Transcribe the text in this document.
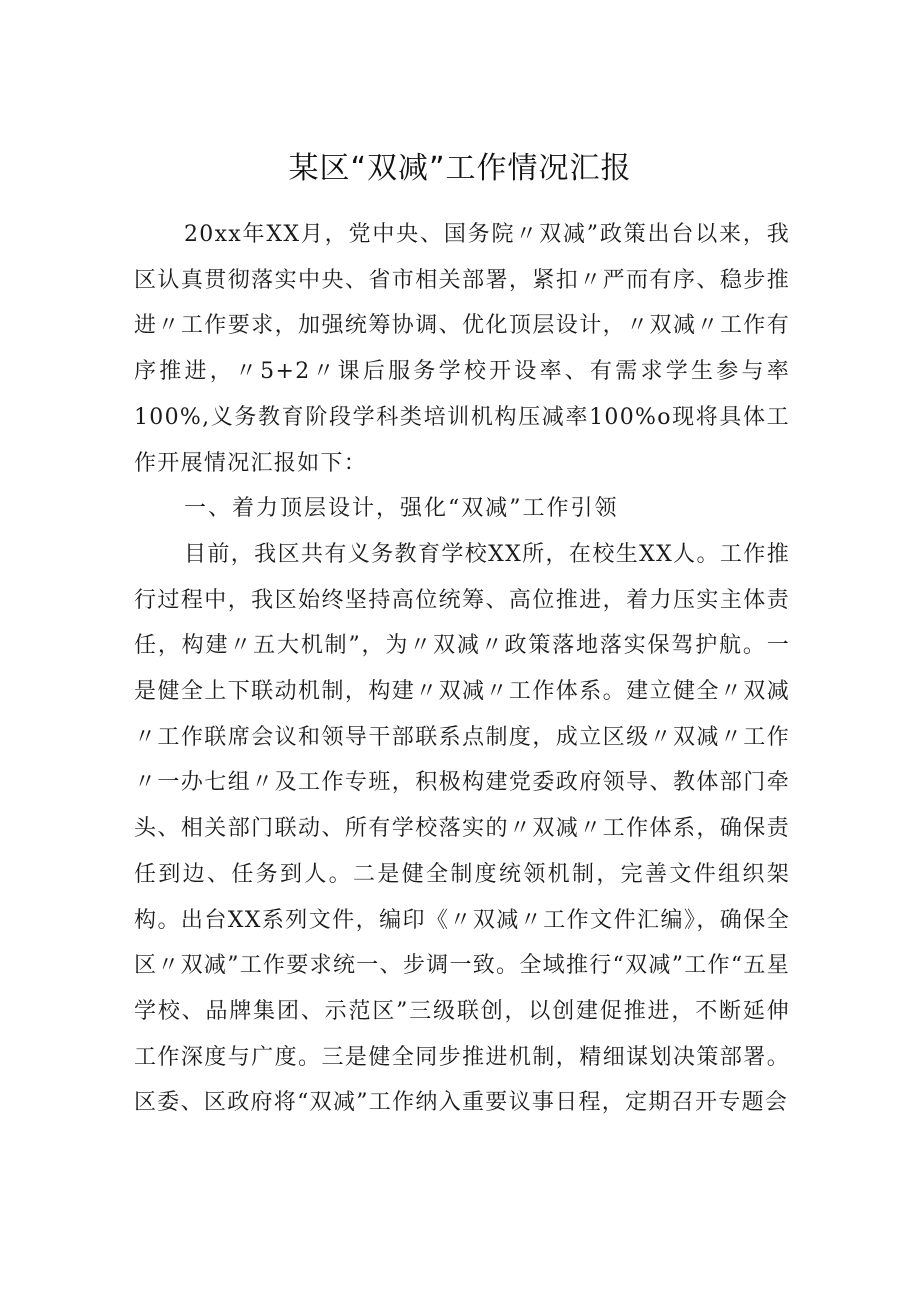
某区“双减”工作情况汇报

20xx年XX月，党中央、国务院〃双减”政策出台以来，我区认真贯彻落实中央、省市相关部署，紧扣〃严而有序、稳步推进〃工作要求，加强统筹协调、优化顶层设计，〃双减〃工作有序推进，〃5+2〃课后服务学校开设率、有需求学生参与率100%,义务教育阶段学科类培训机构压减率100%o现将具体工作开展情况汇报如下：

一、着力顶层设计，强化“双减”工作引领

目前，我区共有义务教育学校XX所，在校生XX人。工作推行过程中，我区始终坚持高位统筹、高位推进，着力压实主体责任，构建〃五大机制”，为〃双减〃政策落地落实保驾护航。一是健全上下联动机制，构建〃双减〃工作体系。建立健全〃双减〃工作联席会议和领导干部联系点制度，成立区级〃双减〃工作〃一办七组〃及工作专班，积极构建党委政府领导、教体部门牵头、相关部门联动、所有学校落实的〃双减〃工作体系，确保责任到边、任务到人。二是健全制度统领机制，完善文件组织架构。出台XX系列文件，编印《〃双减〃工作文件汇编》，确保全区〃双减”工作要求统一、步调一致。全域推行“双减”工作“五星学校、品牌集团、示范区”三级联创，以创建促推进，不断延伸工作深度与广度。三是健全同步推进机制，精细谋划决策部署。区委、区政府将“双减”工作纳入重要议事日程，定期召开专题会
